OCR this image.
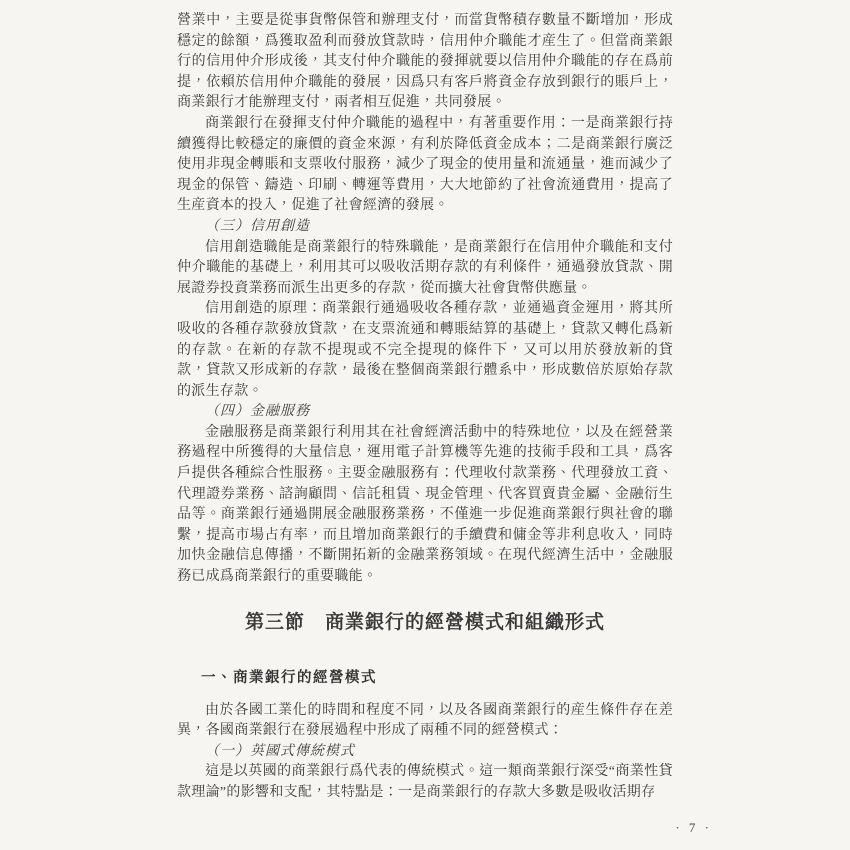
營業中，主要是從事貨幣保管和辦理支付，而當貨幣積存數量不斷增加，形成穩定的餘額，爲獲取盈利而發放貸款時，信用仲介職能才産生了。但當商業銀行的信用仲介形成後，其支付仲介職能的發揮就要以信用仲介職能的存在爲前提，依賴於信用仲介職能的發展，因爲只有客戶將資金存放到銀行的賬戶上，商業銀行才能辦理支付，兩者相互促進，共同發展。

商業銀行在發揮支付仲介職能的過程中，有著重要作用：一是商業銀行持續獲得比較穩定的廉價的資金來源，有利於降低資金成本；二是商業銀行廣泛使用非現金轉賬和支票收付服務，減少了現金的使用量和流通量，進而減少了現金的保管、鑄造、印刷、轉運等費用，大大地節約了社會流通費用，提高了生産資本的投入，促進了社會經濟的發展。

（三）信用創造

信用創造職能是商業銀行的特殊職能，是商業銀行在信用仲介職能和支付仲介職能的基礎上，利用其可以吸收活期存款的有利條件，通過發放貸款、開展證券投資業務而派生出更多的存款，從而擴大社會貨幣供應量。

信用創造的原理：商業銀行通過吸收各種存款，並通過資金運用，將其所吸收的各種存款發放貸款，在支票流通和轉賬結算的基礎上，貸款又轉化爲新的存款。在新的存款不提現或不完全提現的條件下，又可以用於發放新的貸款，貸款又形成新的存款，最後在整個商業銀行體系中，形成數倍於原始存款的派生存款。

（四）金融服務

金融服務是商業銀行利用其在社會經濟活動中的特殊地位，以及在經營業務過程中所獲得的大量信息，運用電子計算機等先進的技術手段和工具，爲客戶提供各種綜合性服務。主要金融服務有：代理收付款業務、代理發放工資、代理證券業務、諮詢顧問、信託租賃、現金管理、代客買賣貴金屬、金融衍生品等。商業銀行通過開展金融服務業務，不僅進一步促進商業銀行與社會的聯繫，提高市場占有率，而且增加商業銀行的手續費和傭金等非利息收入，同時加快金融信息傳播，不斷開拓新的金融業務領域。在現代經濟生活中，金融服務已成爲商業銀行的重要職能。

第三節　商業銀行的經營模式和組織形式
一、商業銀行的經營模式

由於各國工業化的時間和程度不同，以及各國商業銀行的産生條件存在差異，各國商業銀行在發展過程中形成了兩種不同的經營模式：

（一）英國式傳統模式

這是以英國的商業銀行爲代表的傳統模式。這一類商業銀行深受“商業性貸款理論”的影響和支配，其特點是：一是商業銀行的存款大多數是吸收活期存

· 7 ·
